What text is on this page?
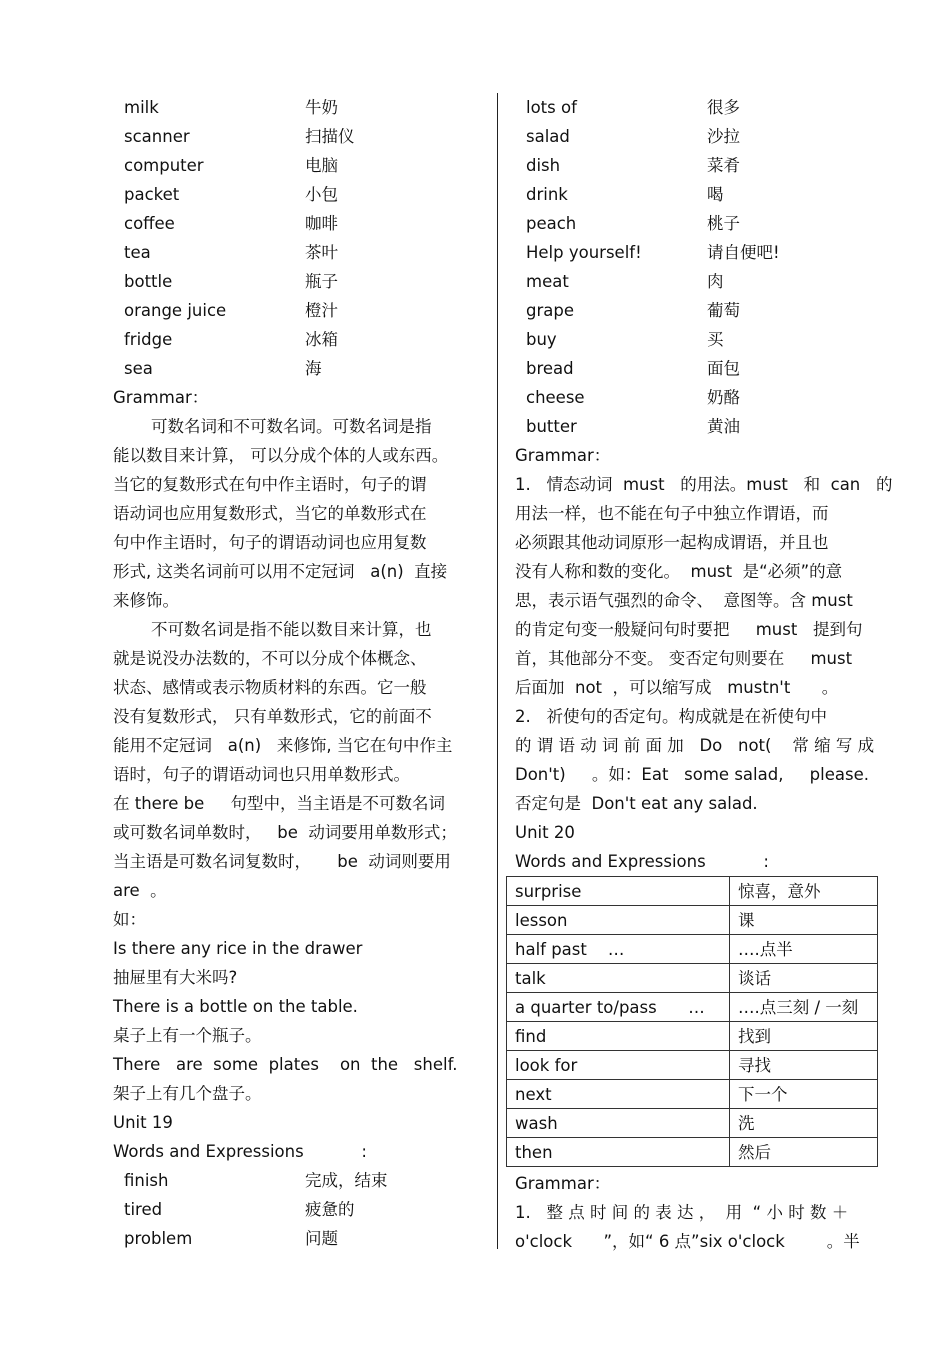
milk	牛奶
scanner	扫描仪
computer	电脑
packet	小包
coffee	咖啡
tea	茶叶
bottle	瓶子
orange juice	橙汁
fridge	冰箱
sea	海
Grammar：
可数名词和不可数名词。可数名词是指
能以数目来计算， 可以分成个体的人或东西。
当它的复数形式在句中作主语时，句子的谓
语动词也应用复数形式，当它的单数形式在
句中作主语时，句子的谓语动词也应用复数
形式, 这类名词前可以用不定冠词   a(n)  直接
来修饰。
不可数名词是指不能以数目来计算，也
就是说没办法数的，不可以分成个体概念、
状态、感情或表示物质材料的东西。它一般
没有复数形式， 只有单数形式，它的前面不
能用不定冠词   a(n)   来修饰, 当它在句中作主
语时，句子的谓语动词也只用单数形式。
在 there be     句型中，当主语是不可数名词
或可数名词单数时，   be  动词要用单数形式；
当主语是可数名词复数时，     be  动词则要用
are  。
如：
Is there any rice in the drawer
抽屉里有大米吗?
There is a bottle on the table.
桌子上有一个瓶子。
There   are  some  plates    on  the   shelf.
架子上有几个盘子。
Unit 19
Words and Expressions           :
finish	完成，结束
tired	疲惫的
problem	问题
lots of	很多
salad	沙拉
dish	菜肴
drink	喝
peach	桃子
Help yourself!	请自便吧!
meat	肉
grape	葡萄
buy	买
bread	面包
cheese	奶酪
butter	黄油
Grammar：
1.   情态动词  must   的用法。must   和  can   的
用法一样，也不能在句子中独立作谓语，而
必须跟其他动词原形一起构成谓语，并且也
没有人称和数的变化。  must  是“必须”的意
思，表示语气强烈的命令、  意图等。含 must
的肯定句变一般疑问句时要把     must   提到句
首，其他部分不变。 变否定句则要在     must
后面加  not  ，可以缩写成   mustn't      。
2.   祈使句的否定句。构成就是在祈使句中
的 谓 语 动 词 前 面 加   Do   not(    常 缩 写 成
Don't)     。如：Eat   some salad,     please.
否定句是  Don't eat any salad.
Unit 20
Words and Expressions           :
surprise	惊喜，意外
lesson	课
half past    …	….点半
talk	谈话
a quarter to/pass      …	….点三刻 / 一刻
find	找到
look for	寻找
next	下一个
wash	洗
then	然后
Grammar：
1.   整 点 时 间 的 表 达 ，  用  “ 小 时 数 ＋
o'clock      ”，如“ 6 点”six o'clock        。半
